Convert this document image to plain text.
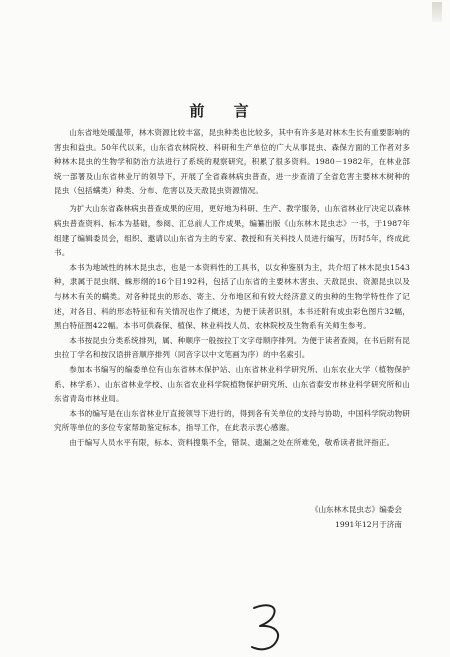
前 言

山东省地处暖温带，林木资源比较丰富，昆虫种类也比较多，其中有许多是对林木生长有重要影响的害虫和益虫。50年代以来，山东省农林院校、科研和生产单位的广大从事昆虫、森保方面的工作者对多种林木昆虫的生物学和防治方法进行了系统的观察研究，积累了很多资料。1980－1982年，在林业部统一部署及山东省林业厅的领导下，开展了全省森林病虫普查，进一步查清了全省危害主要林木树种的昆虫（包括螨类）种类、分布、危害以及天敌昆虫资源情况。

为扩大山东省森林病虫普查成果的应用，更好地为科研、生产、教学服务，山东省林业厅决定以森林病虫普查资料、标本为基础，参阅、汇总前人工作成果，编纂出版《山东林木昆虫志》一书，于1987年组建了编辑委员会，组织、邀请以山东省为主的专家、教授和有关科技人员进行编写，历时5年，终成此书。

本书为地域性的林木昆虫志，也是一本资料性的工具书，以女种鉴别为主，共介绍了林木昆虫1543种，隶属于昆虫纲、蛛形纲的16个目192科，包括了山东省的主要林木害虫、天敌昆虫、资源昆虫以及与林木有关的螨类。对各种昆虫的形态、寄主、分布地区和有较大经济意义的虫种的生物学特性作了记述，对各目、科的形态特征和有关情况也作了概述，为便于读者识别，本书还附有成虫彩色图片32幅，黑白特征图422幅。本书可供森保、植保、林业科技人员、农林院校及生物系有关师生参考。

本书按昆虫分类系统排列，属、种顺序一般按拉丁文字母顺序排列。为便于读者查阅，在书后附有昆虫拉丁学名和按汉语拼音顺序排列（同音字以中文笔画为序）的中名索引。

参加本书编写的编委单位有山东省林木保护站、山东省林业科学研究所、山东农业大学（植物保护系、林学系）、山东省林业学校、山东省农业科学院植物保护研究所、山东省泰安市林业科学研究所和山东省青岛市林业局。

本书的编写是在山东省林业厅直接领导下进行的，得到各有关单位的支持与协助，中国科学院动物研究所等单位的多位专家帮助鉴定标本，指导工作，在此表示衷心感谢。

由于编写人员水平有限，标本、资料搜集不全，错误、遗漏之处在所难免，敬希读者批评指正。

《山东林木昆虫志》编委会
1991年12月于济南
